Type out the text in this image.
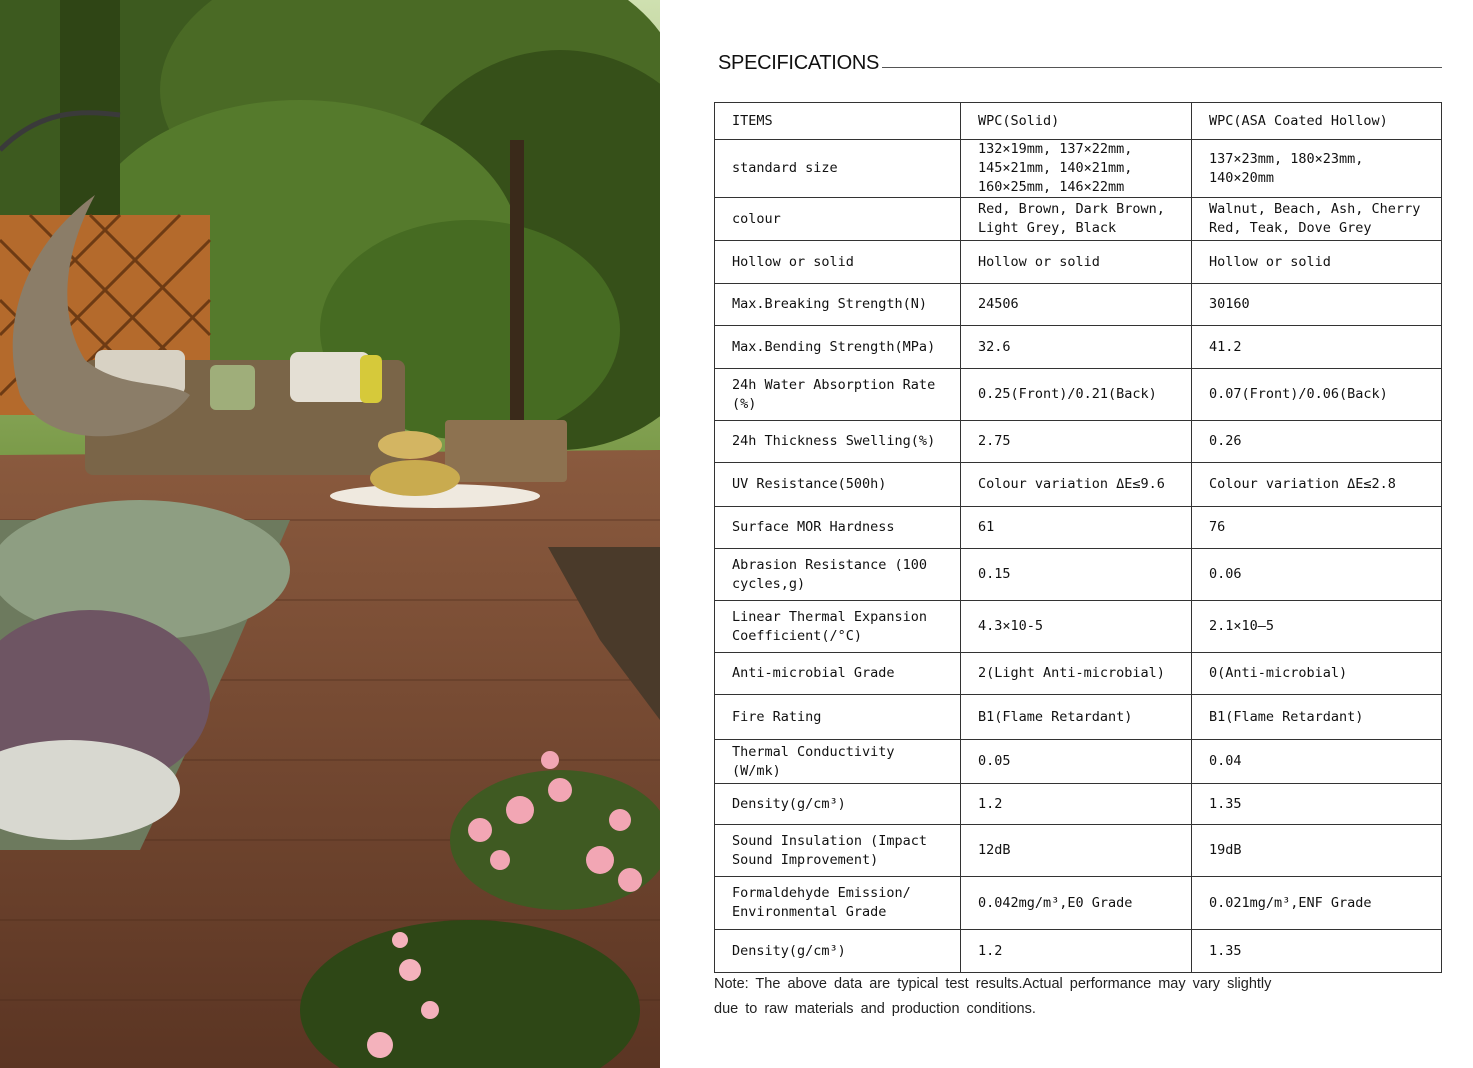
SPECIFICATIONS
ITEMS	WPC(Solid)	WPC(ASA Coated Hollow)
standard size	132×19mm, 137×22mm, 145×21mm, 140×21mm, 160×25mm, 146×22mm	137×23mm, 180×23mm, 140×20mm
colour	Red, Brown, Dark Brown, Light Grey, Black	Walnut, Beach, Ash, Cherry Red, Teak, Dove Grey
Hollow or solid	Hollow or solid	Hollow or solid
Max.Breaking Strength(N)	24506	30160
Max.Bending Strength(MPa)	32.6	41.2
24h Water Absorption Rate (%)	0.25(Front)/0.21(Back)	0.07(Front)/0.06(Back)
24h Thickness Swelling(%)	2.75	0.26
UV Resistance(500h)	Colour variation ΔE≤9.6	Colour variation ΔE≤2.8
Surface MOR Hardness	61	76
Abrasion Resistance (100 cycles,g)	0.15	0.06
Linear Thermal Expansion Coefficient(/°C)	4.3×10-5	2.1×10—5
Anti-microbial Grade	2(Light Anti-microbial)	0(Anti-microbial)
Fire Rating	B1(Flame Retardant)	B1(Flame Retardant)
Thermal Conductivity (W/mk)	0.05	0.04
Density(g/cm³)	1.2	1.35
Sound Insulation (Impact Sound Improvement)	12dB	19dB
Formaldehyde Emission/ Environmental Grade	0.042mg/m³,E0 Grade	0.021mg/m³,ENF Grade
Density(g/cm³)	1.2	1.35

Note: The above data are typical test results.Actual performance may vary slightly due to raw materials and production conditions.
